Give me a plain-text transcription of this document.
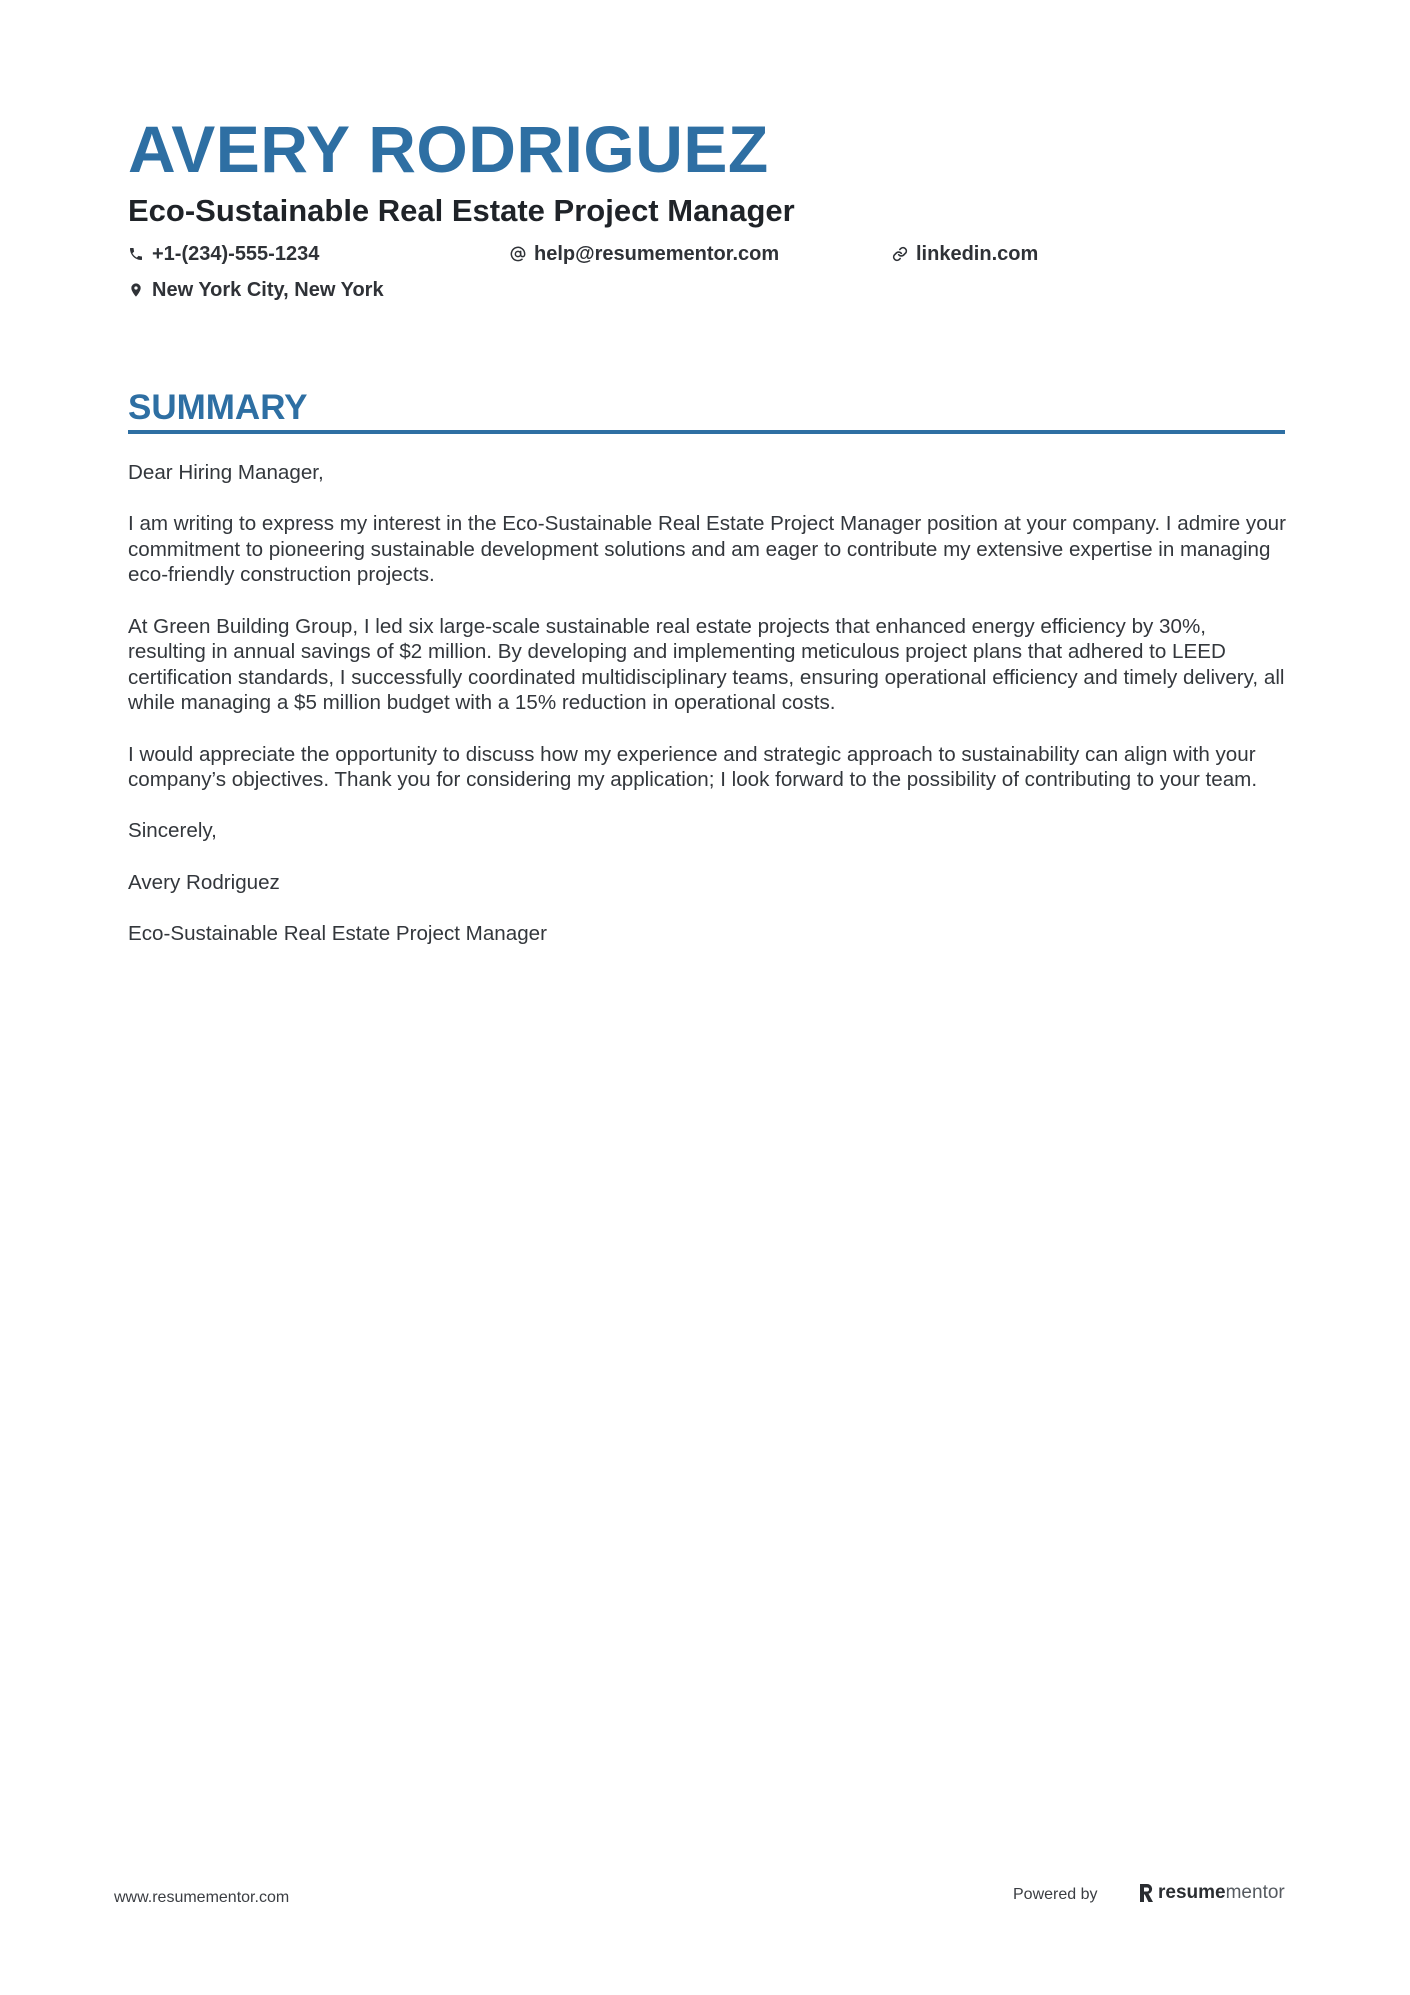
AVERY RODRIGUEZ
Eco-Sustainable Real Estate Project Manager
+1-(234)-555-1234	help@resumementor.com	linkedin.com
New York City, New York
SUMMARY

Dear Hiring Manager,

I am writing to express my interest in the Eco-Sustainable Real Estate Project Manager position at your company. I admire your commitment to pioneering sustainable development solutions and am eager to contribute my extensive expertise in managing eco-friendly construction projects.

At Green Building Group, I led six large-scale sustainable real estate projects that enhanced energy efficiency by 30%, resulting in annual savings of $2 million. By developing and implementing meticulous project plans that adhered to LEED certification standards, I successfully coordinated multidisciplinary teams, ensuring operational efficiency and timely delivery, all while managing a $5 million budget with a 15% reduction in operational costs.

I would appreciate the opportunity to discuss how my experience and strategic approach to sustainability can align with your company’s objectives. Thank you for considering my application; I look forward to the possibility of contributing to your team.

Sincerely,

Avery Rodriguez

Eco-Sustainable Real Estate Project Manager

www.resumementor.com	Powered by	resume mentor
